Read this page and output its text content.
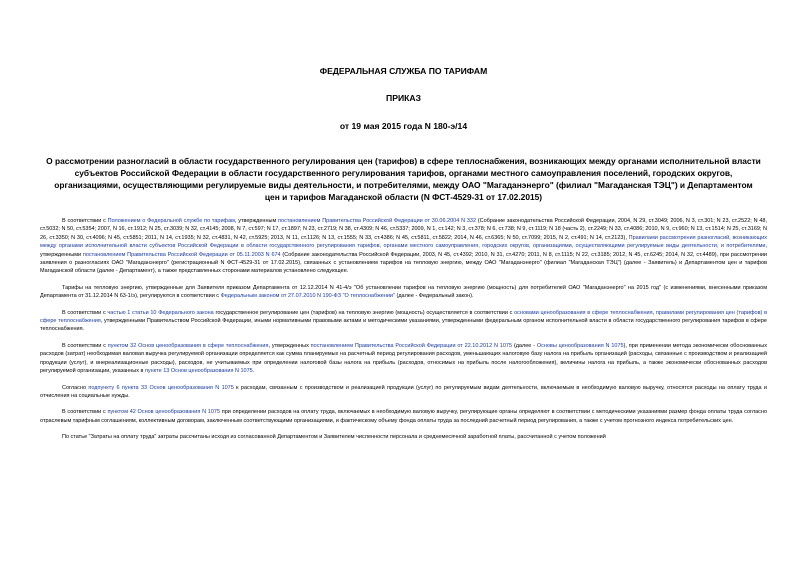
ФЕДЕРАЛЬНАЯ СЛУЖБА ПО ТАРИФАМ
ПРИКАЗ
от 19 мая 2015 года N 180-э/14
О рассмотрении разногласий в области государственного регулирования цен (тарифов) в сфере теплоснабжения, возникающих между органами исполнительной власти субъектов Российской Федерации в области государственного регулирования тарифов, органами местного самоуправления поселений, городских округов, организациями, осуществляющими регулируемые виды деятельности, и потребителями, между ОАО "Магаданэнерго" (филиал "Магаданская ТЭЦ") и Департаментом цен и тарифов Магаданской области (N ФСТ-4529-31 от 17.02.2015)

В соответствии с Положением о Федеральной службе по тарифам, утвержденным постановлением Правительства Российской Федерации от 30.06.2004 N 332 (Собрание законодательства Российской Федерации, 2004, N 29, ст.3049; 2006, N 3, ст.301; N 23, ст.2522; N 48, ст.5032; N 50, ст.5354; 2007, N 16, ст.1912; N 25, ст.3039; N 32, ст.4145; 2008, N 7, ст.597; N 17, ст.1897; N 23, ст.2719; N 38, ст.4309; N 46, ст.5337; 2009, N 1, ст.142; N 3, ст.378; N 6, ст.738; N 9, ст.1119; N 18 (часть 2), ст.2249; N 33, ст.4086; 2010, N 9, ст.960; N 13, ст.1514; N 25, ст.3169; N 26, ст.3350; N 30, ст.4096; N 45, ст.5851; 2011, N 14, ст.1935; N 32, ст.4831, N 42, ст.5925; 2013, N 11, ст.1126; N 13, ст.1555; N 33, ст.4386; N 45, ст.5811, ст.5822; 2014, N 46, ст.6365; N 50, ст.7099; 2015, N 2, ст.491; N 14, ст.2123), Правилами рассмотрения разногласий, возникающих между органами исполнительной власти субъектов Российской Федерации в области государственного регулирования тарифов, органами местного самоуправления, городских округов, организациями, осуществляющими регулируемые виды деятельности, и потребителями, утвержденными постановлением Правительства Российской Федерации от 05.11.2003 N 674 (Собрание законодательства Российской Федерации, 2003, N 45, ст.4392; 2010, N 31, ст.4270; 2011, N 8, ст.1115; N 22, ст.3185; 2012, N 45, ст.6245; 2014, N 32, ст.4489), при рассмотрении заявления о разногласиях ОАО "Магаданэнерго" (регистрационный N ФСТ-4529-31 от 17.02.2015), связанных с установлением тарифов на тепловую энергию, между ОАО "Магаданэнерго" (филиал "Магаданская ТЭЦ") (далее - Заявитель) и Департаментом цен и тарифов Магаданской области (далее - Департамент), а также представленных сторонами материалов установлено следующее.

Тарифы на тепловую энергию, утвержденные для Заявителя приказом Департамента от 12.12.2014 N 41-4/э "Об установлении тарифов на тепловую энергию (мощность) для потребителей ОАО "Магаданэнерго" на 2015 год" (с изменениями, внесенными приказом Департамента от 31.12.2014 N 63-1/э), регулируются в соответствии с Федеральным законом от 27.07.2010 N 190-ФЗ "О теплоснабжении" (далее - Федеральный закон).

В соответствии с частью 1 статьи 10 Федерального закона государственное регулирование цен (тарифов) на тепловую энергию (мощность) осуществляется в соответствии с основами ценообразования в сфере теплоснабжения, правилами регулирования цен (тарифов) в сфере теплоснабжения, утвержденными Правительством Российской Федерации, иными нормативными правовыми актами и методическими указаниями, утвержденными федеральным органом исполнительной власти в области государственного регулирования тарифов в сфере теплоснабжения.

В соответствии с пунктом 32 Основ ценообразования в сфере теплоснабжения, утвержденных постановлением Правительства Российской Федерации от 22.10.2012 N 1075 (далее - Основы ценообразования N 1075), при применении метода экономически обоснованных расходов (затрат) необходимая валовая выручка регулируемой организации определяется как сумма планируемых на расчетный период регулирования расходов, уменьшающих налоговую базу налога на прибыль организаций (расходы, связанные с производством и реализацией продукции (услуг), и внереализационные расходы), расходов, не учитываемых при определении налоговой базы налога на прибыль (расходов, относимых на прибыль после налогообложения), величины налога на прибыль, а также экономически обоснованных расходов регулируемой организации, указанных в пункте 13 Основ ценообразования N 1075.

Согласно подпункту 6 пункта 33 Основ ценообразования N 1075 к расходам, связанным с производством и реализацией продукции (услуг) по регулируемым видам деятельности, включаемым в необходимую валовую выручку, относятся расходы на оплату труда и отчисления на социальные нужды.

В соответствии с пунктом 42 Основ ценообразования N 1075 при определении расходов на оплату труда, включаемых в необходимую валовую выручку, регулирующие органы определяют в соответствии с методическими указаниями размер фонда оплаты труда согласно отраслевым тарифным соглашениям, коллективным договорам, заключенным соответствующими организациями, и фактическому объему фонда оплаты труда за последний расчетный период регулирования, а также с учетом прогнозного индекса потребительских цен.

По статье "Затраты на оплату труда" затраты рассчитаны исходя из согласованной Департаментом и Заявителем численности персонала и среднемесячной заработной платы, рассчитанной с учетом положений
